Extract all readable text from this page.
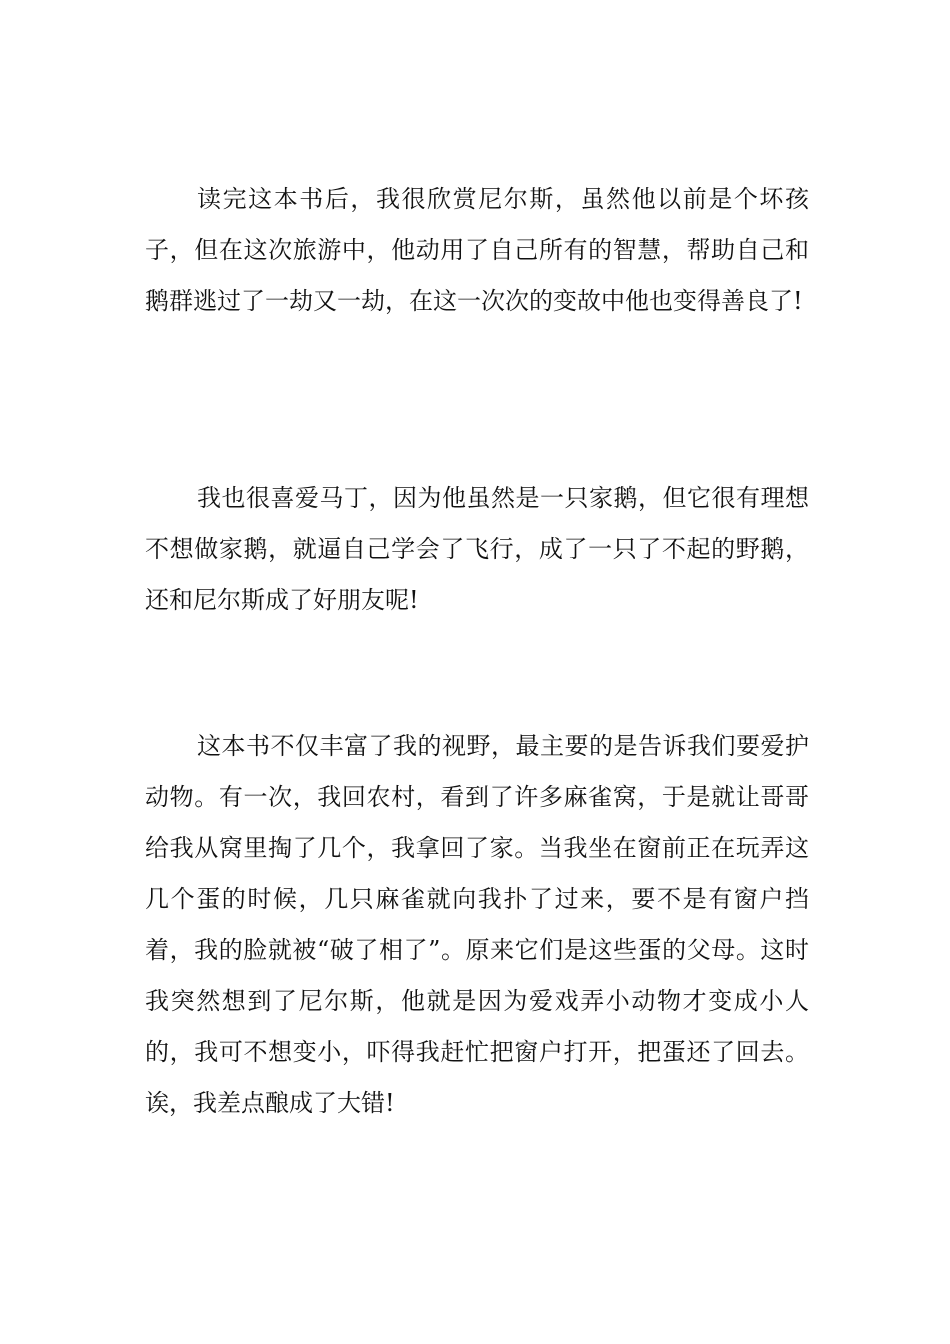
读完这本书后，我很欣赏尼尔斯，虽然他以前是个坏孩子，但在这次旅游中，他动用了自己所有的智慧，帮助自己和鹅群逃过了一劫又一劫，在这一次次的变故中他也变得善良了!

我也很喜爱马丁，因为他虽然是一只家鹅，但它很有理想不想做家鹅，就逼自己学会了飞行，成了一只了不起的野鹅，还和尼尔斯成了好朋友呢!

这本书不仅丰富了我的视野，最主要的是告诉我们要爱护动物。有一次，我回农村，看到了许多麻雀窝，于是就让哥哥给我从窝里掏了几个，我拿回了家。当我坐在窗前正在玩弄这几个蛋的时候，几只麻雀就向我扑了过来，要不是有窗户挡着，我的脸就被“破了相了”。原来它们是这些蛋的父母。这时我突然想到了尼尔斯，他就是因为爱戏弄小动物才变成小人的，我可不想变小，吓得我赶忙把窗户打开，把蛋还了回去。诶，我差点酿成了大错!
